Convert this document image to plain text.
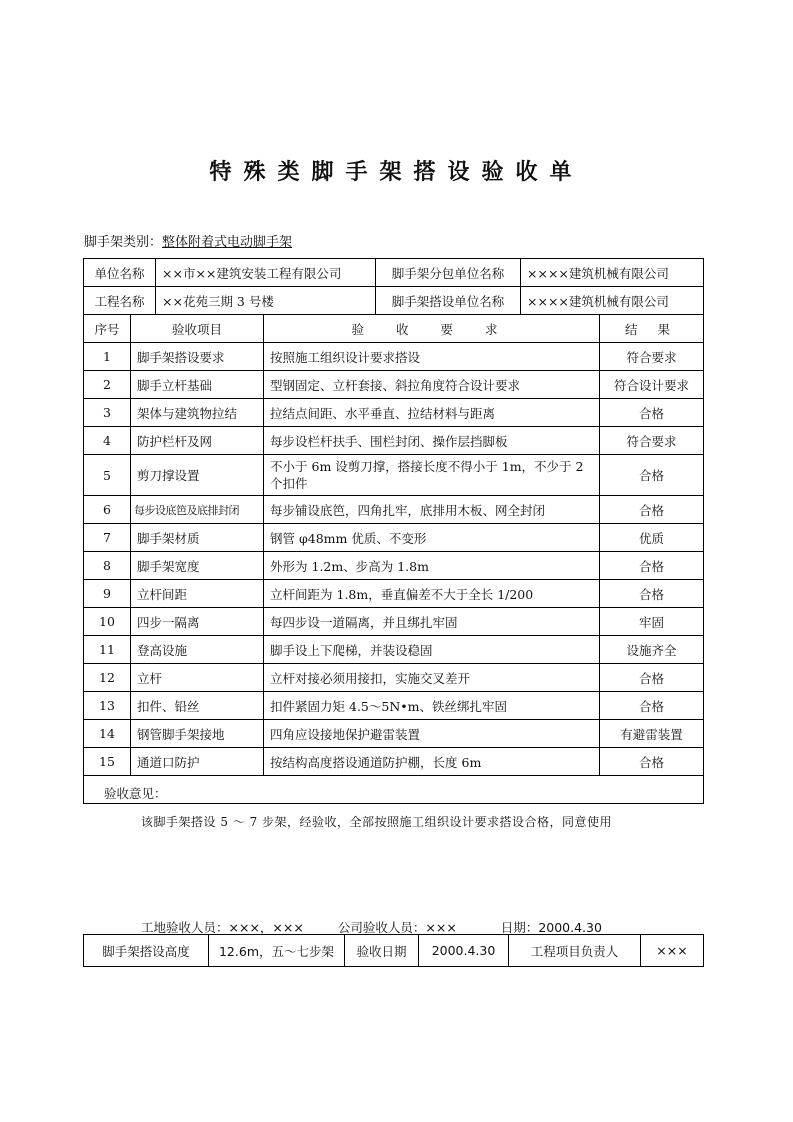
特殊类脚手架搭设验收单
脚手架类别：整体附着式电动脚手架
单位名称		××市××建筑安装工程有限公司		脚手架分包单位名称	××××建筑机械有限公司	
工程名称		××花苑三期 3 号楼		脚手架搭设单位名称	××××建筑机械有限公司	
序号	验收项目		验 收 要 求			结 果
1	脚手架搭设要求		按照施工组织设计要求搭设			符合要求
2	脚手立杆基础		型钢固定、立杆套接、斜拉角度符合设计要求			符合设计要求
3	架体与建筑物拉结		拉结点间距、水平垂直、拉结材料与距离			合格
4	防护栏杆及网		每步设栏杆扶手、围栏封闭、操作层挡脚板			符合要求
5	剪刀撑设置		不小于 6m 设剪刀撑，搭接长度不得小于 1m，不少于 2 个扣件			合格
6	每步设底笆及底排封闭		每步铺设底笆，四角扎牢，底排用木板、网全封闭			合格
7	脚手架材质		钢管 φ48mm 优质、不变形			优质
8	脚手架宽度		外形为 1.2m、步高为 1.8m			合格
9	立杆间距		立杆间距为 1.8m，垂直偏差不大于全长 1/200			合格
10	四步一隔离		每四步设一道隔离，并且绑扎牢固			牢固
11	登高设施		脚手设上下爬梯，并装设稳固			设施齐全
12	立杆		立杆对接必须用接扣，实施交叉差开			合格
13	扣件、铅丝		扣件紧固力矩 4.5～5N•m、铁丝绑扎牢固			合格
14	钢管脚手架接地		四角应设接地保护避雷装置			有避雷装置
15	通道口防护		按结构高度搭设通道防护棚，长度 6m			合格

验收意见：
该脚手架搭设 5 ～ 7 步架，经验收，全部按照施工组织设计要求搭设合格，同意使用
工地验收人员：×××，××× 公司验收人员：××× 日期：2000.4.30						
脚手架搭设高度	12.6m，五～七步架	验收日期	2000.4.30	工程项目负责人	×××
